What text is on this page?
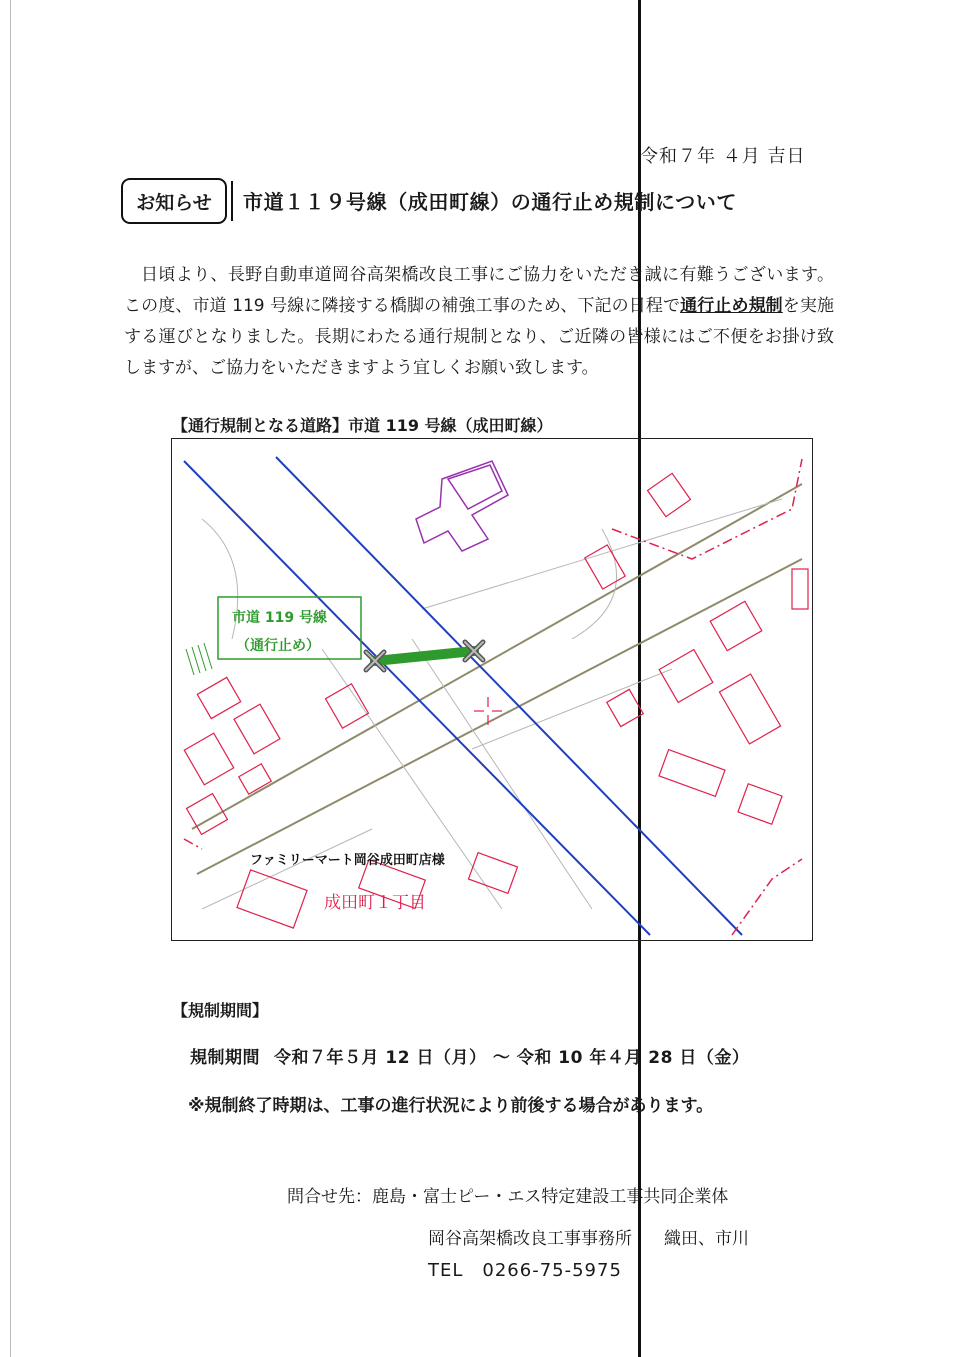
令和７年 ４月 吉日
お知らせ	市道１１９号線（成田町線）の通行止め規制について

日頃より、長野自動車道岡谷高架橋改良工事にご協力をいただき誠に有難うございます。この度、市道 119 号線に隣接する橋脚の補強工事のため、下記の日程で通行止め規制を実施する運びとなりました。長期にわたる通行規制となり、ご近隣の皆様にはご不便をお掛け致しますが、ご協力をいただきますよう宜しくお願い致します。

【通行規制となる道路】市道 119 号線（成田町線）
市道 119 号線
（通行止め）
ファミリーマート岡谷成田町店様
成田町１丁目
【規制期間】
規制期間 令和７年５月 12 日（月） ～ 令和 10 年４月 28 日（金）
※規制終了時期は、工事の進行状況により前後する場合があります。
問合せ先：鹿島・富士ピー・エス特定建設工事共同企業体
岡谷高架橋改良工事事務所 織田、市川
TEL　0266-75-5975
